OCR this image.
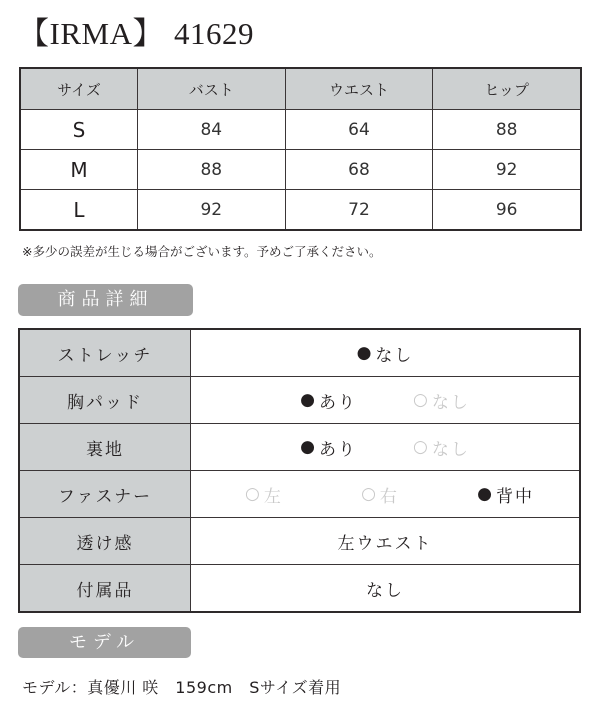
【IRMA】 41629
サイズ	バスト	ウエスト	ヒップ
S	84	64	88
M	88	68	92
L	92	72	96
※多少の誤差が生じる場合がございます。予めご了承ください。
商品詳細
ストレッチ	● なし

胸パッド	● あり ○ なし

裏地	● あり ○ なし

ファスナー	○ 左	○ 右	● 背中

透け感	左ウエスト
付属品	なし
モデル
モデル：真優川 咲　159cm　Sサイズ着用
